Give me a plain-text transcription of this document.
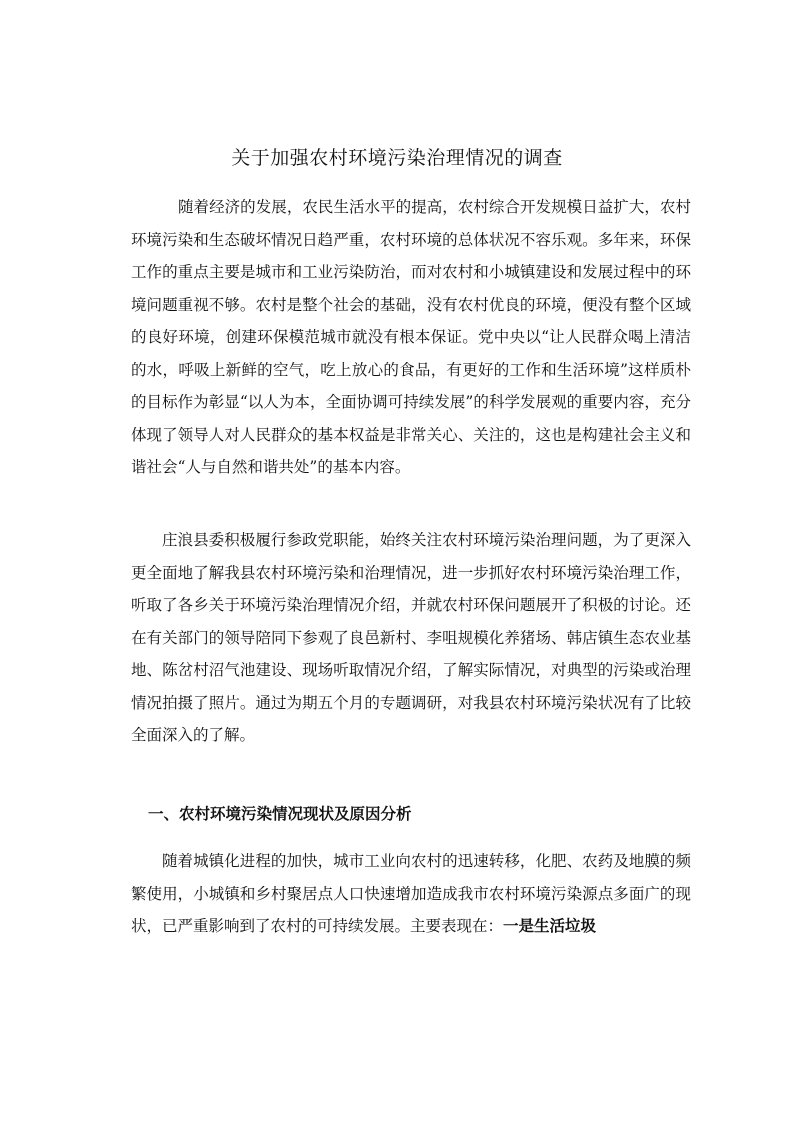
关于加强农村环境污染治理情况的调查

随着经济的发展，农民生活水平的提高，农村综合开发规模日益扩大，农村环境污染和生态破坏情况日趋严重，农村环境的总体状况不容乐观。多年来，环保工作的重点主要是城市和工业污染防治，而对农村和小城镇建设和发展过程中的环境问题重视不够。农村是整个社会的基础，没有农村优良的环境，便没有整个区域的良好环境，创建环保模范城市就没有根本保证。党中央以“让人民群众喝上清洁的水，呼吸上新鲜的空气，吃上放心的食品，有更好的工作和生活环境”这样质朴的目标作为彰显“以人为本，全面协调可持续发展”的科学发展观的重要内容，充分体现了领导人对人民群众的基本权益是非常关心、关注的，这也是构建社会主义和谐社会“人与自然和谐共处”的基本内容。

庄浪县委积极履行参政党职能，始终关注农村环境污染治理问题，为了更深入更全面地了解我县农村环境污染和治理情况，进一步抓好农村环境污染治理工作，听取了各乡关于环境污染治理情况介绍，并就农村环保问题展开了积极的讨论。还在有关部门的领导陪同下参观了良邑新村、李咀规模化养猪场、韩店镇生态农业基地、陈岔村沼气池建设、现场听取情况介绍，了解实际情况，对典型的污染或治理情况拍摄了照片。通过为期五个月的专题调研，对我县农村环境污染状况有了比较全面深入的了解。

一、农村环境污染情况现状及原因分析

随着城镇化进程的加快，城市工业向农村的迅速转移，化肥、农药及地膜的频繁使用，小城镇和乡村聚居点人口快速增加造成我市农村环境污染源点多面广的现状，已严重影响到了农村的可持续发展。主要表现在：一是生活垃圾
